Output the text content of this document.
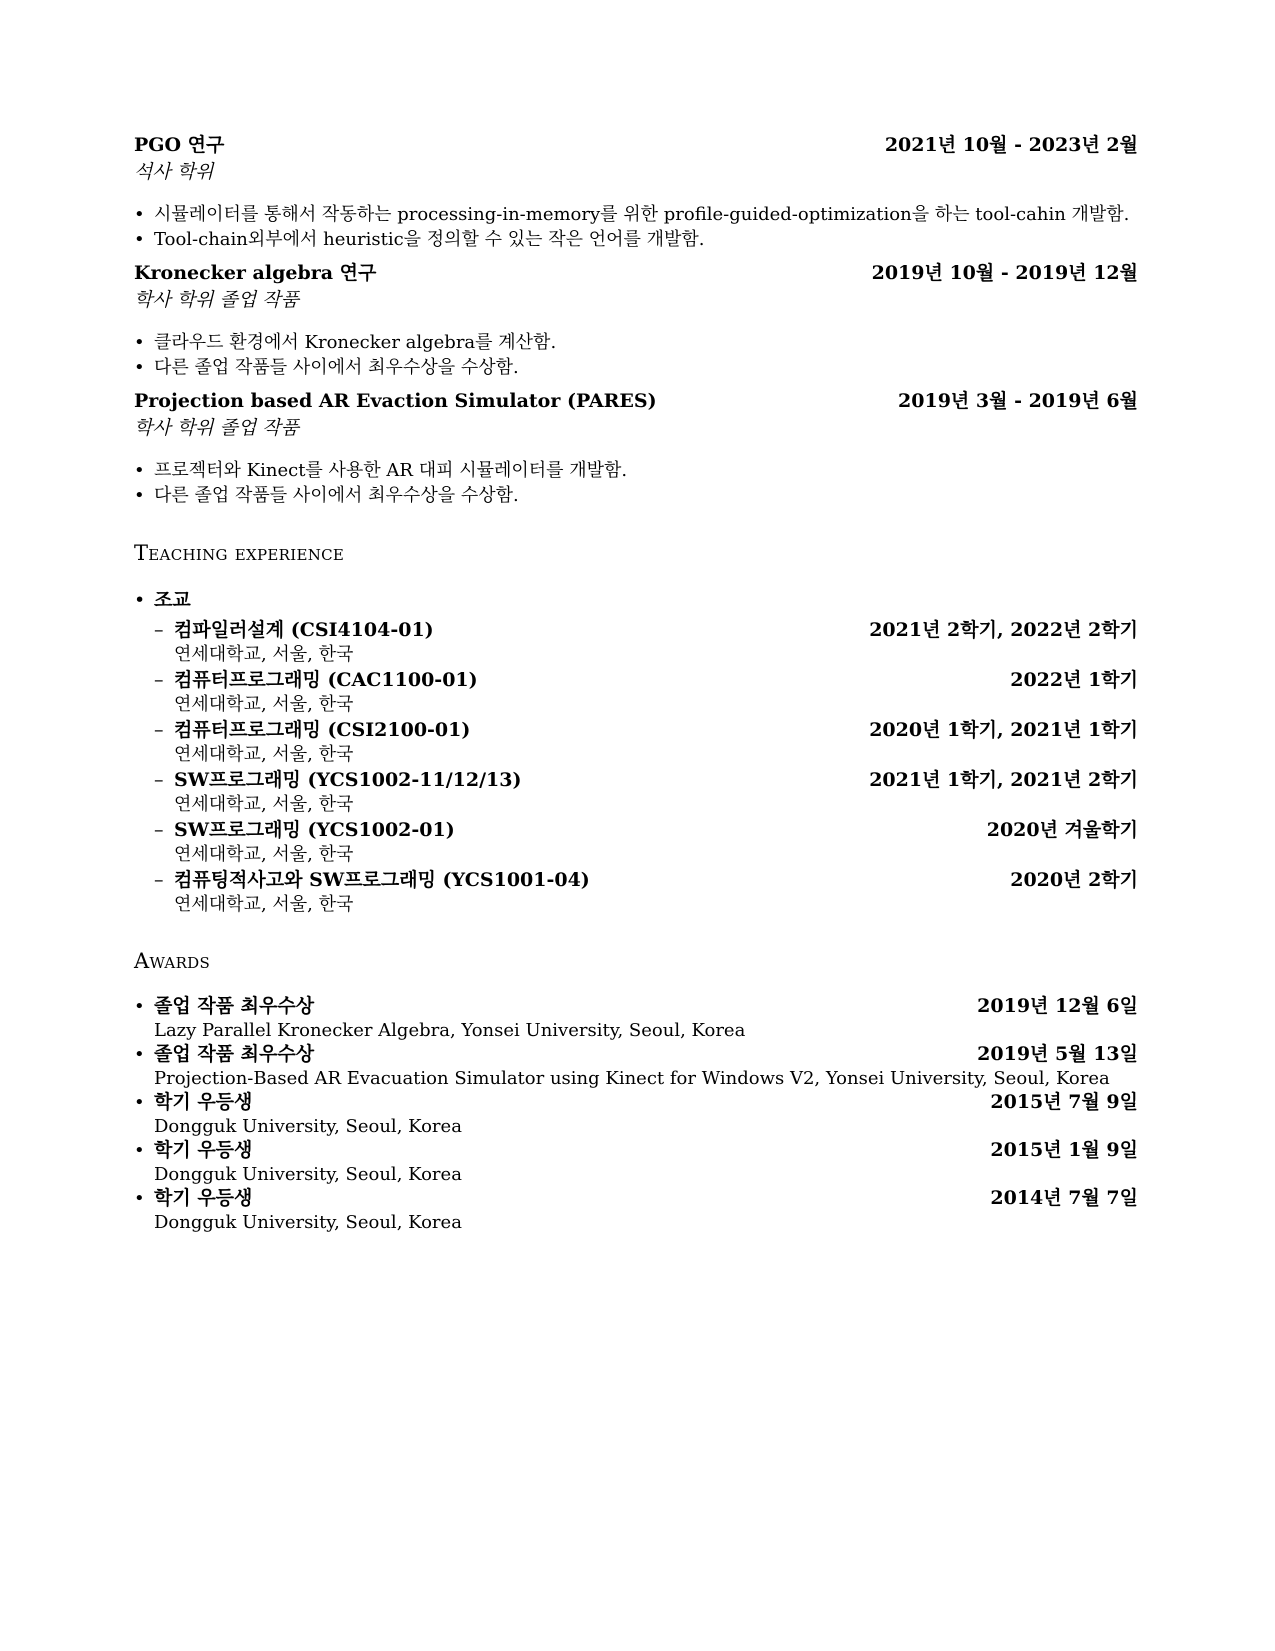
PGO 연구	2021년 10월 - 2023년 2월
석사 학위
• 시뮬레이터를 통해서 작동하는 processing-in-memory를 위한 profile-guided-optimization을 하는 tool-cahin 개발함.
• Tool-chain외부에서 heuristic을 정의할 수 있는 작은 언어를 개발함.
Kronecker algebra 연구	2019년 10월 - 2019년 12월
학사 학위 졸업 작품
• 클라우드 환경에서 Kronecker algebra를 계산함.
• 다른 졸업 작품들 사이에서 최우수상을 수상함.
Projection based AR Evaction Simulator (PARES)	2019년 3월 - 2019년 6월
학사 학위 졸업 작품
• 프로젝터와 Kinect를 사용한 AR 대피 시뮬레이터를 개발함.
• 다른 졸업 작품들 사이에서 최우수상을 수상함.
Teaching experience
• 조교
– 컴파일러설계 (CSI4104-01)	2021년 2학기, 2022년 2학기
연세대학교, 서울, 한국
– 컴퓨터프로그래밍 (CAC1100-01)	2022년 1학기
연세대학교, 서울, 한국
– 컴퓨터프로그래밍 (CSI2100-01)	2020년 1학기, 2021년 1학기
연세대학교, 서울, 한국
– SW프로그래밍 (YCS1002-11/12/13)	2021년 1학기, 2021년 2학기
연세대학교, 서울, 한국
– SW프로그래밍 (YCS1002-01)	2020년 겨울학기
연세대학교, 서울, 한국
– 컴퓨팅적사고와 SW프로그래밍 (YCS1001-04)	2020년 2학기
연세대학교, 서울, 한국
Awards
• 졸업 작품 최우수상	2019년 12월 6일
Lazy Parallel Kronecker Algebra, Yonsei University, Seoul, Korea
• 졸업 작품 최우수상	2019년 5월 13일
Projection-Based AR Evacuation Simulator using Kinect for Windows V2, Yonsei University, Seoul, Korea
• 학기 우등생	2015년 7월 9일
Dongguk University, Seoul, Korea
• 학기 우등생	2015년 1월 9일
Dongguk University, Seoul, Korea
• 학기 우등생	2014년 7월 7일
Dongguk University, Seoul, Korea
